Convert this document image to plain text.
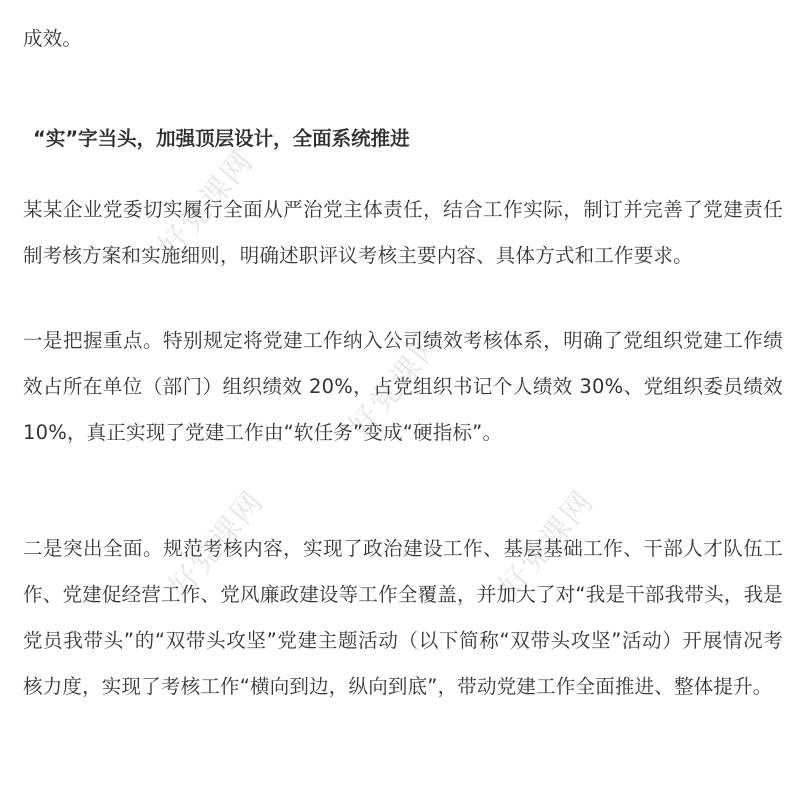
好党课网
好党课网
好党课网	好党课网

成效。

“实”字当头，加强顶层设计，全面系统推进

某某企业党委切实履行全面从严治党主体责任，结合工作实际，制订并完善了党建责任制考核方案和实施细则，明确述职评议考核主要内容、具体方式和工作要求。

一是把握重点。特别规定将党建工作纳入公司绩效考核体系，明确了党组织党建工作绩效占所在单位（部门）组织绩效 20%，占党组织书记个人绩效 30%、党组织委员绩效 10%，真正实现了党建工作由“软任务”变成“硬指标”。

二是突出全面。规范考核内容，实现了政治建设工作、基层基础工作、干部人才队伍工作、党建促经营工作、党风廉政建设等工作全覆盖，并加大了对“我是干部我带头，我是党员我带头”的“双带头攻坚”党建主题活动（以下简称“双带头攻坚”活动）开展情况考核力度，实现了考核工作“横向到边，纵向到底”，带动党建工作全面推进、整体提升。
